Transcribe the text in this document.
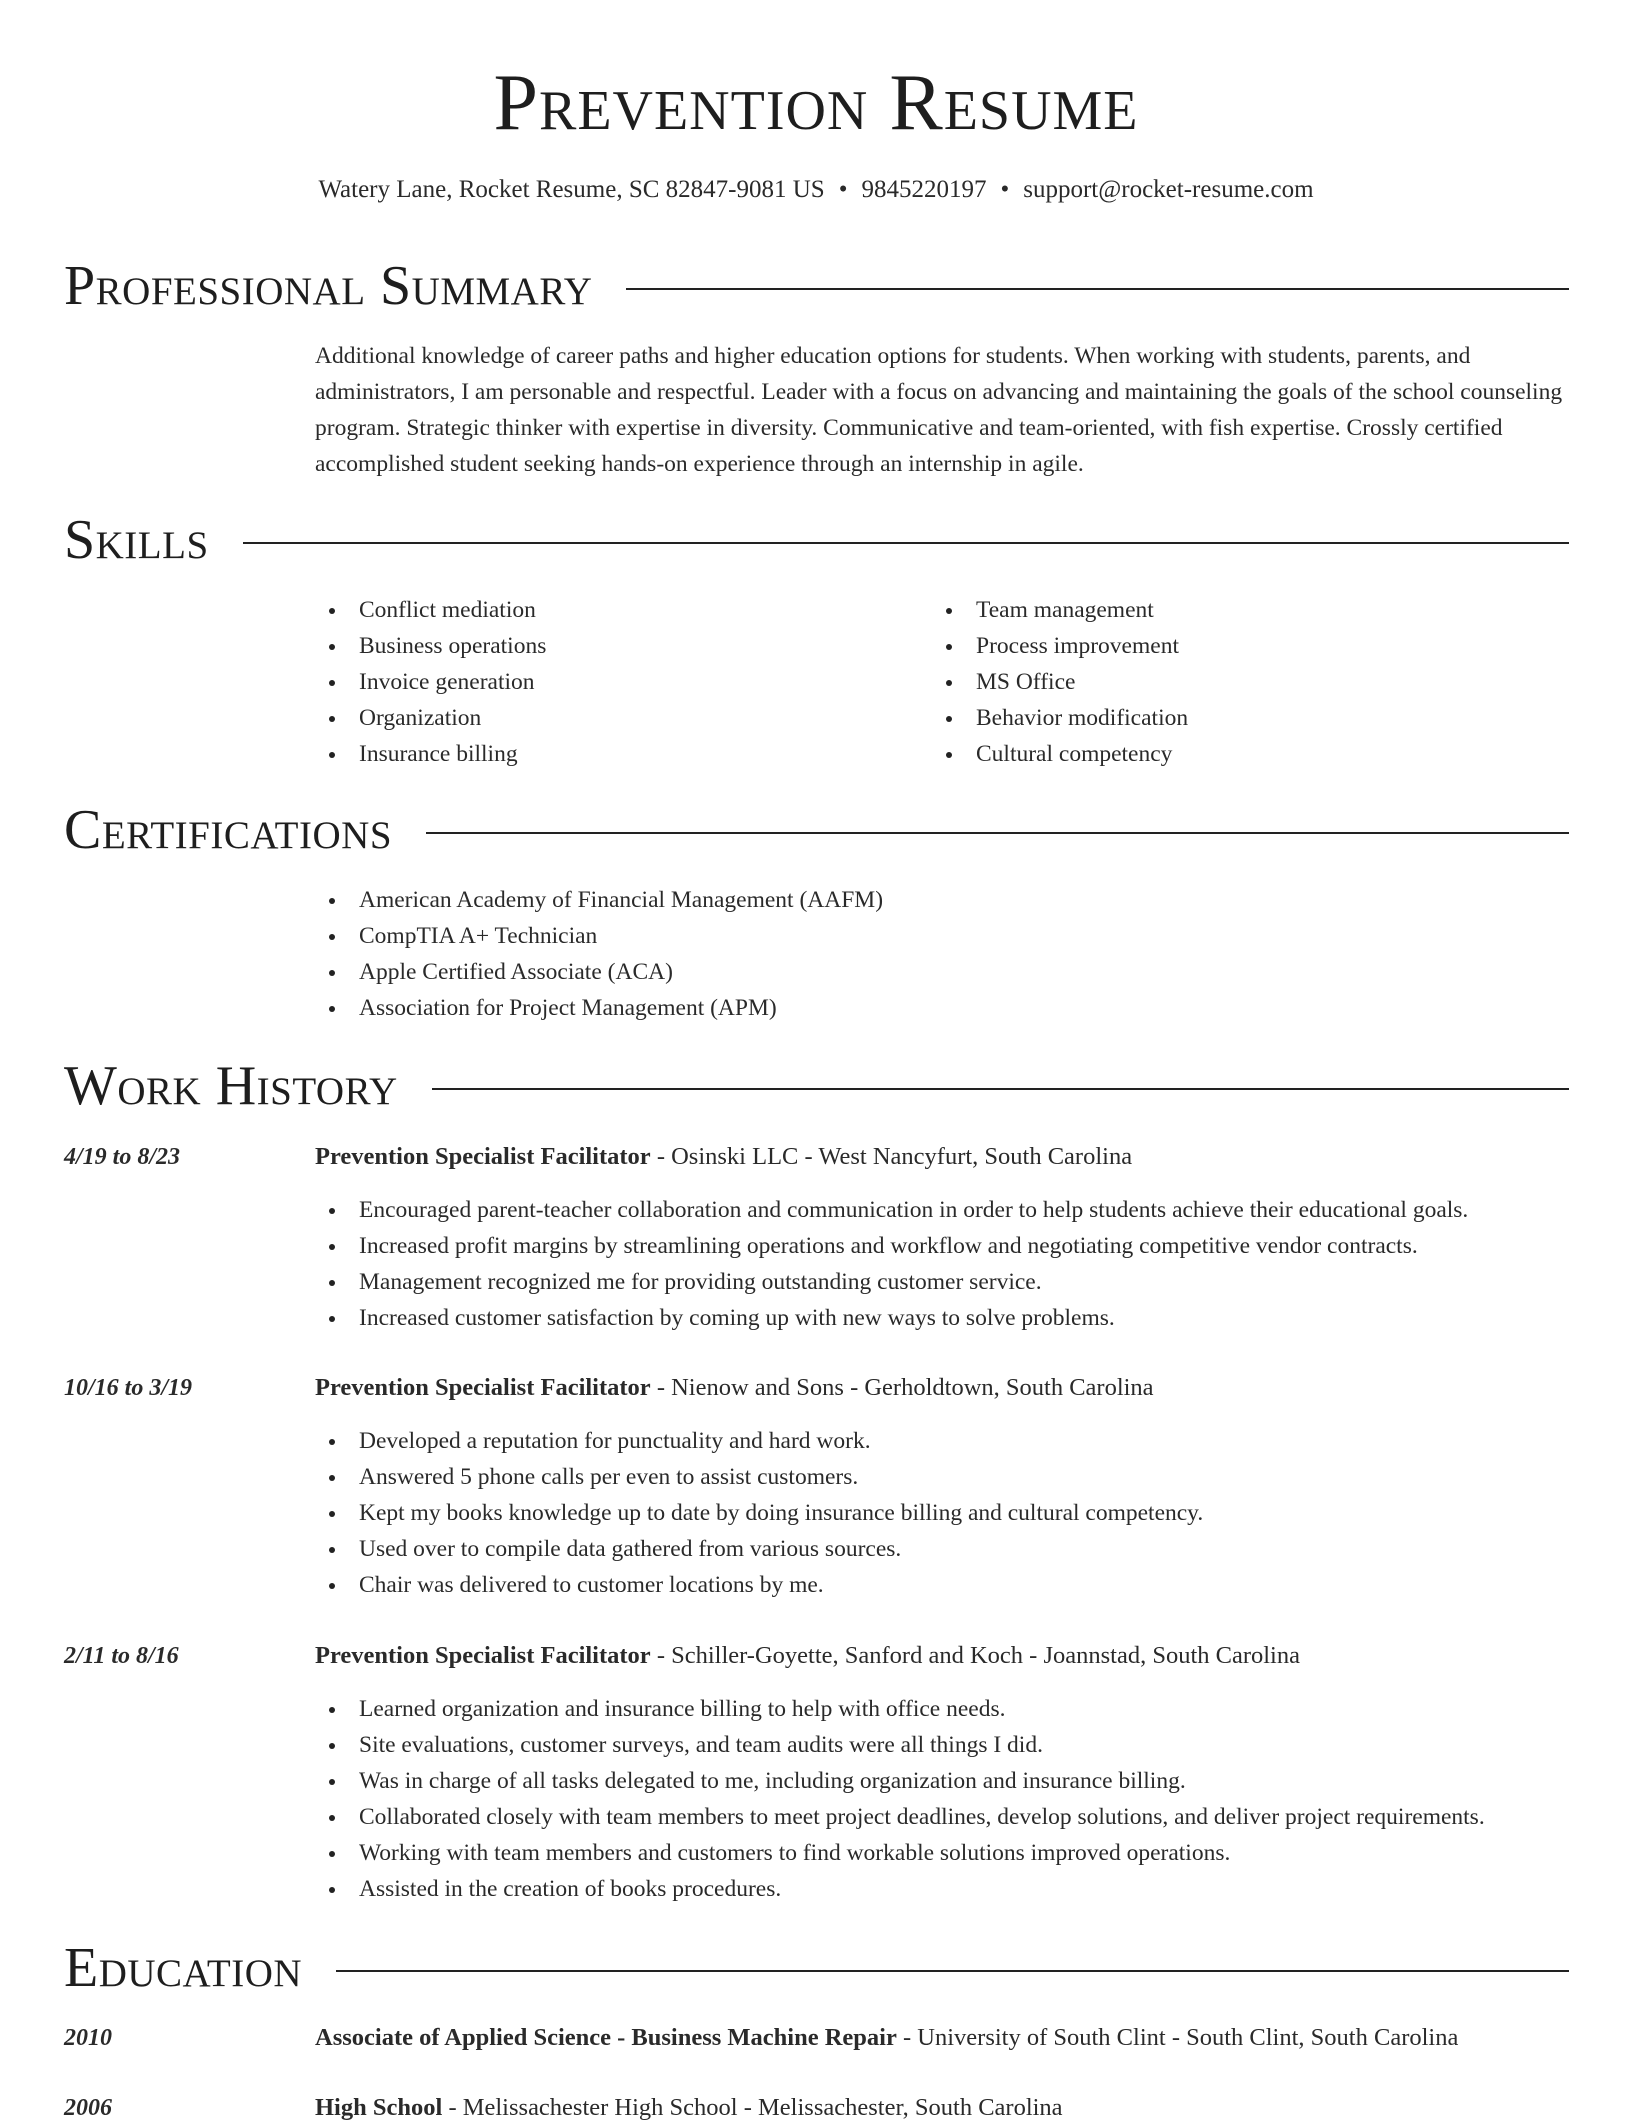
Prevention Resume
Watery Lane, Rocket Resume, SC 82847-9081 US • 9845220197 • support@rocket-resume.com
Professional Summary
Additional knowledge of career paths and higher education options for students. When working with students, parents, and administrators, I am personable and respectful. Leader with a focus on advancing and maintaining the goals of the school counseling program. Strategic thinker with expertise in diversity. Communicative and team-oriented, with fish expertise. Crossly certified accomplished student seeking hands-on experience through an internship in agile.
Skills
Conflict mediation
Business operations
Invoice generation
Organization
Insurance billing
Team management
Process improvement
MS Office
Behavior modification
Cultural competency
Certifications
American Academy of Financial Management (AAFM)
CompTIA A+ Technician
Apple Certified Associate (ACA)
Association for Project Management (APM)
Work History
4/19 to 8/23	Prevention Specialist Facilitator - Osinski LLC - West Nancyfurt, South Carolina
Encouraged parent-teacher collaboration and communication in order to help students achieve their educational goals.
Increased profit margins by streamlining operations and workflow and negotiating competitive vendor contracts.
Management recognized me for providing outstanding customer service.
Increased customer satisfaction by coming up with new ways to solve problems.
10/16 to 3/19	Prevention Specialist Facilitator - Nienow and Sons - Gerholdtown, South Carolina
Developed a reputation for punctuality and hard work.
Answered 5 phone calls per even to assist customers.
Kept my books knowledge up to date by doing insurance billing and cultural competency.
Used over to compile data gathered from various sources.
Chair was delivered to customer locations by me.
2/11 to 8/16	Prevention Specialist Facilitator - Schiller-Goyette, Sanford and Koch - Joannstad, South Carolina
Learned organization and insurance billing to help with office needs.
Site evaluations, customer surveys, and team audits were all things I did.
Was in charge of all tasks delegated to me, including organization and insurance billing.
Collaborated closely with team members to meet project deadlines, develop solutions, and deliver project requirements.
Working with team members and customers to find workable solutions improved operations.
Assisted in the creation of books procedures.
Education
2010	Associate of Applied Science - Business Machine Repair - University of South Clint - South Clint, South Carolina
2006	High School - Melissachester High School - Melissachester, South Carolina
